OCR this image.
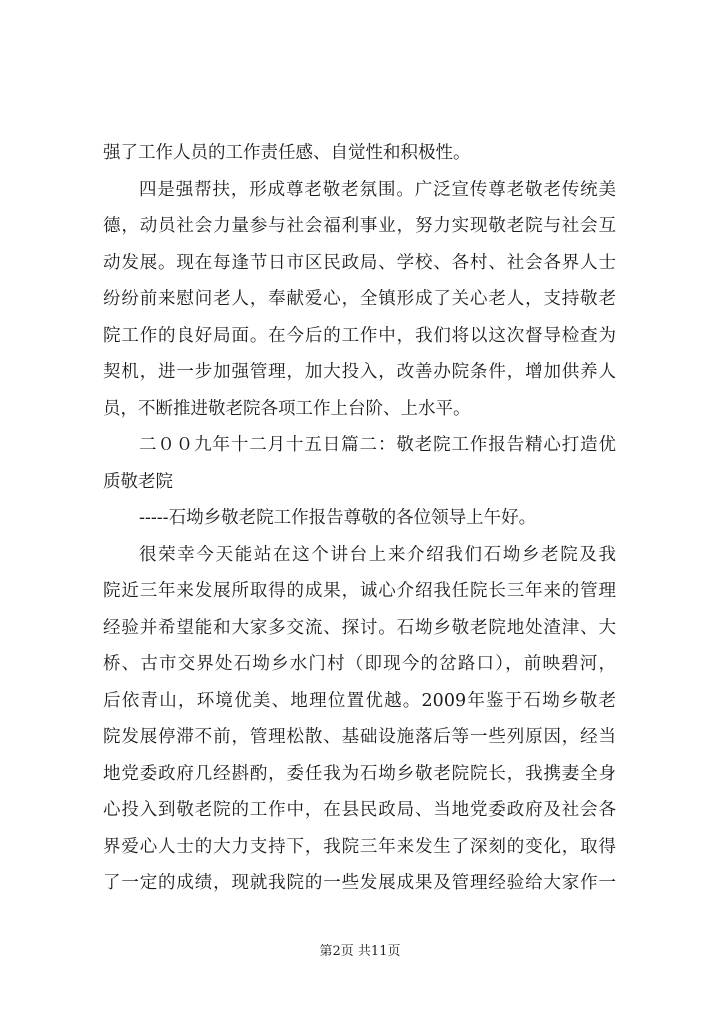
强了工作人员的工作责任感、自觉性和积极性。
四是强帮扶，形成尊老敬老氛围。广泛宣传尊老敬老传统美
德，动员社会力量参与社会福利事业，努力实现敬老院与社会互
动发展。现在每逢节日市区民政局、学校、各村、社会各界人士
纷纷前来慰问老人，奉献爱心，全镇形成了关心老人，支持敬老
院工作的良好局面。在今后的工作中，我们将以这次督导检查为
契机，进一步加强管理，加大投入，改善办院条件，增加供养人
员，不断推进敬老院各项工作上台阶、上水平。
二００九年十二月十五日篇二：敬老院工作报告精心打造优
质敬老院
-----石坳乡敬老院工作报告尊敬的各位领导上午好。
很荣幸今天能站在这个讲台上来介绍我们石坳乡老院及我
院近三年来发展所取得的成果，诚心介绍我任院长三年来的管理
经验并希望能和大家多交流、探讨。石坳乡敬老院地处渣津、大
桥、古市交界处石坳乡水门村（即现今的岔路口），前映碧河，
后依青山，环境优美、地理位置优越。2009年鉴于石坳乡敬老
院发展停滞不前，管理松散、基础设施落后等一些列原因，经当
地党委政府几经斟酌，委任我为石坳乡敬老院院长，我携妻全身
心投入到敬老院的工作中，在县民政局、当地党委政府及社会各
界爱心人士的大力支持下，我院三年来发生了深刻的变化，取得
了一定的成绩，现就我院的一些发展成果及管理经验给大家作一
第2页 共11页
